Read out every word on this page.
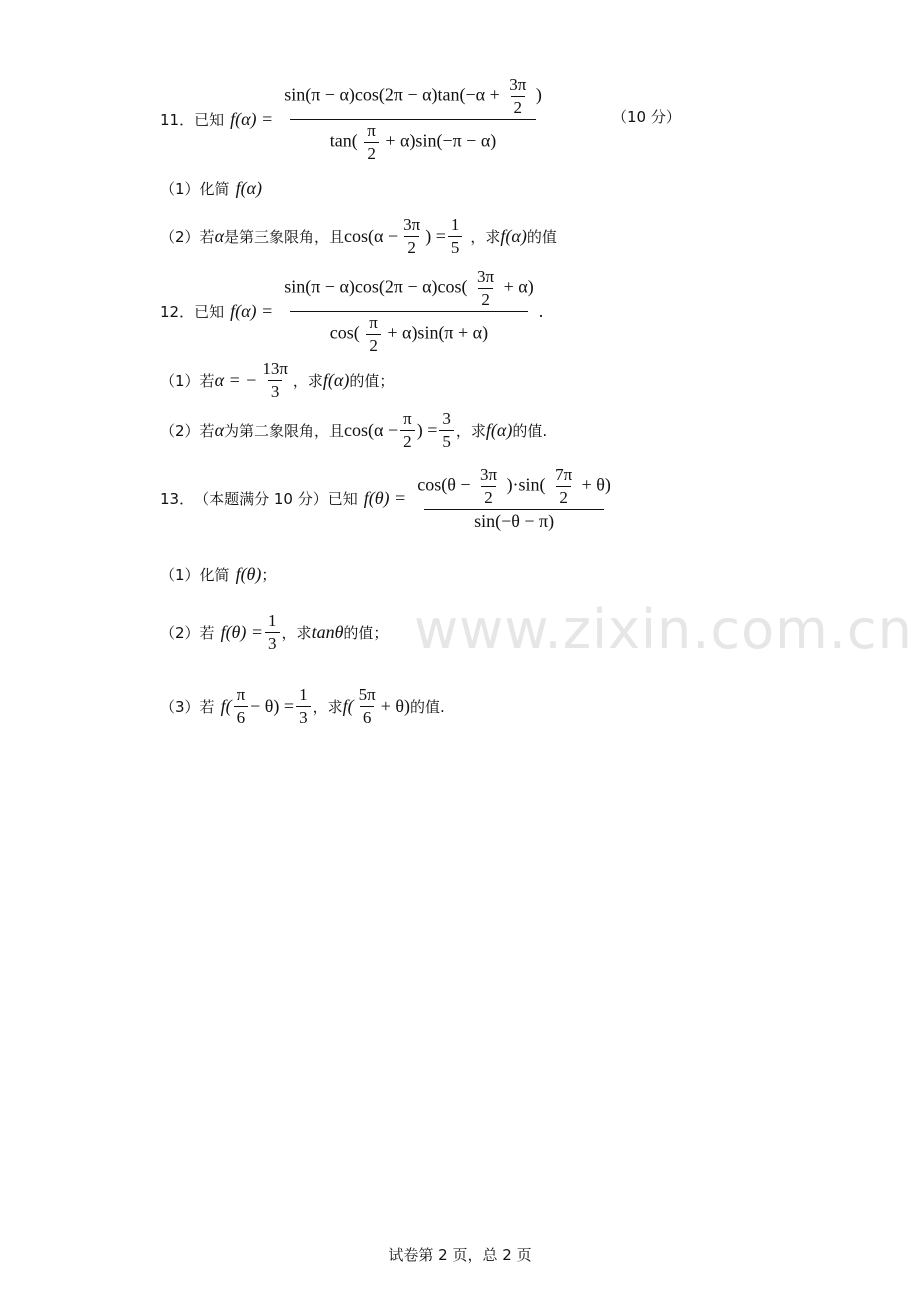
11． 已知 $f(\alpha) = \frac{\sin(\pi - \alpha)\cos(2\pi - \alpha)\tan(-\alpha + \frac{3\pi}{2} )}{\tan( \frac{\pi}{2} + \alpha)\sin(-\pi - \alpha)}$	（10 分）
（1） 化简 f(α)
（2） 若 α 是第三象限角，且 $\cos(\alpha - \frac{3\pi}{2}$ ) = $\frac{1}{5}$ ，求 f(α) 的值
12． 已知 $f(\alpha) = \frac{\sin(\pi - \alpha)\cos(2\pi - \alpha)\cos( \frac{3\pi}{2} + \alpha)}{\cos( \frac{\pi}{2} + \alpha)\sin(\pi + \alpha)}$ .
（1） 若 α = − $\frac{13\pi}{3}$ ，求 f(α) 的值；
（2） 若 α 为第二象限角，且 $\cos(\alpha - \frac{\pi}{2}$ ) = $\frac{3}{5}$ ，求 f(α) 的值.
13． （本题满分 10 分）已知 $f(\theta) = \frac{\cos(\theta - \frac{3\pi}{2} )\cdot\sin( \frac{7\pi}{2} + \theta)}{\sin(-\theta - \pi)}$
（1） 化简 f(θ) ；
（2） 若 $f(\theta) = \frac{1}{3}$ ，求 tanθ 的值；
（3） 若 $f( \frac{\pi}{6} - \theta) = \frac{1}{3}$ ，求 $f( \frac{5\pi}{6} + \theta)$ 的值.
www.zixin.com.cn
试卷第 2 页，总 2 页
